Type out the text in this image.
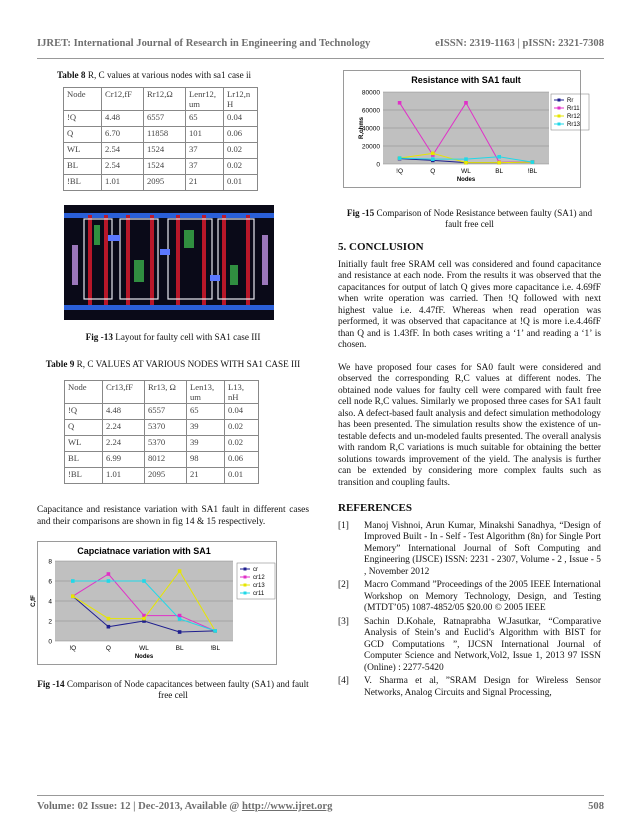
IJRET: International Journal of Research in Engineering and Technology	eISSN: 2319-1163 | pISSN: 2321-7308
Table 8 R, C values at various nodes with sa1 case ii
Node	Cr12,fF	Rr12,Ω	Lenr12, um	Lr12,n H
!Q	4.48	6557	65	0.04
Q	6.70	11858	101	0.06
WL	2.54	1524	37	0.02
BL	2.54	1524	37	0.02
!BL	1.01	2095	21	0.01
Fig -13 Layout for faulty cell with SA1 case III
Table 9 R, C VALUES AT VARIOUS NODES WITH SA1 CASE III
Node	Cr13,fF	Rr13, Ω	Len13, um	L13, nH
!Q	4.48	6557	65	0.04
Q	2.24	5370	39	0.02
WL	2.24	5370	39	0.02
BL	6.99	8012	98	0.06
!BL	1.01	2095	21	0.01
Capacitance and resistance variation with SA1 fault in different cases and their comparisons are shown in fig 14 & 15 respectively.
Capciatnace variation with SA1
0
2
4
6
8
!Q	Q	WL	BL	!BL
Nodes
C,fF
cr
cr12
cr13
cr11
Fig -14 Comparison of Node capacitances between faulty (SA1) and fault free cell
Resistance with SA1 fault
0
20000
40000
60000
80000
!Q	Q	WL	BL	!BL
Nodes
R,ohms
Rr
Rr11
Rr12
Rr13
Fig -15 Comparison of Node Resistance between faulty (SA1) and fault free cell
5. CONCLUSION
Initially fault free SRAM cell was considered and found capacitance and resistance at each node. From the results it was observed that the capacitances for output of latch Q gives more capacitance i.e. 4.69fF when write operation was carried. Then !Q followed with next highest value i.e. 4.47fF. Whereas when read operation was performed, it was observed that capacitance at !Q is more i.e.4.46fF than Q and is 1.43fF. In both cases writing a ‘1’ and reading a ‘1’ is chosen.
We have proposed four cases for SA0 fault were considered and observed the corresponding R,C values at different nodes. The obtained node values for faulty cell were compared with fault free cell node R,C values. Similarly we proposed three cases for SA1 fault also. A defect-based fault analysis and defect simulation methodology has been presented. The simulation results show the existence of un-testable defects and un-modeled faults presented. The overall analysis with random R,C variations is much suitable for obtaining the better solutions towards improvement of the yield. The analysis is further can be extended by considering more complex faults such as transition and coupling faults.
REFERENCES
[1]	Manoj Vishnoi, Arun Kumar, Minakshi Sanadhya, “Design of Improved Built - In - Self - Test Algorithm (8n) for Single Port Memory” International Journal of Soft Computing and Engineering (IJSCE) ISSN: 2231 - 2307, Volume - 2 , Issue - 5 , November 2012
[2]	Macro Command ”Proceedings of the 2005 IEEE International Workshop on Memory Technology, Design, and Testing (MTDT’05) 1087-4852/05 $20.00 © 2005 IEEE
[3]	Sachin D.Kohale, Ratnaprabha W.Jasutkar, “Comparative Analysis of Stein’s and Euclid’s Algorithm with BIST for GCD Computations ”, IJCSN International Journal of Computer Science and Network,Vol2, Issue 1, 2013 97 ISSN (Online) : 2277-5420
[4]	V. Sharma et al, ”SRAM Design for Wireless Sensor Networks, Analog Circuits and Signal Processing,
Volume: 02 Issue: 12 | Dec-2013, Available @ http://www.ijret.org	508
